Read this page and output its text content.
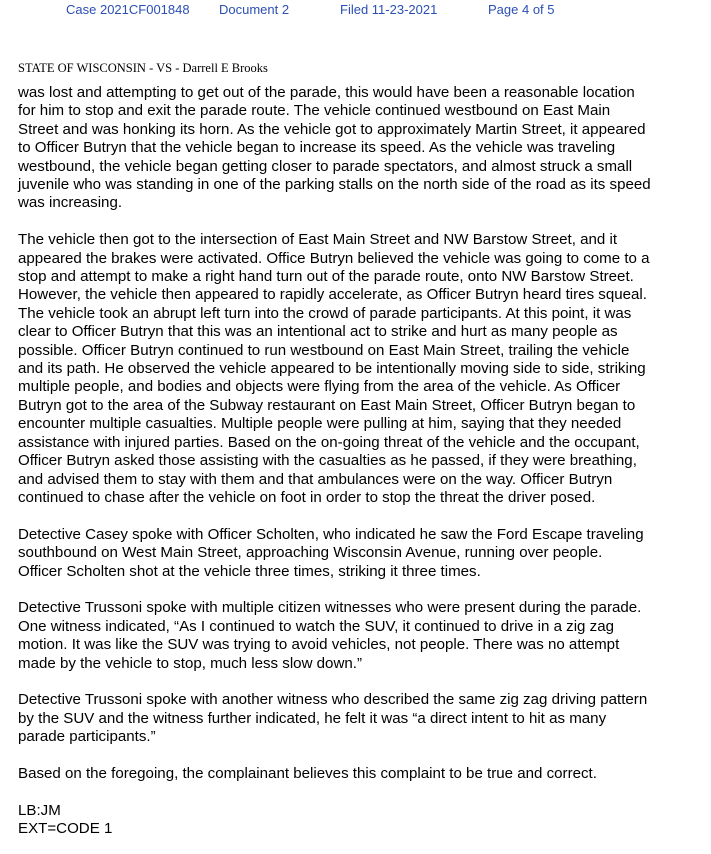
Case 2021CF001848 Document 2	Filed 11-23-2021	Page 4 of 5
STATE OF WISCONSIN - VS - Darrell E Brooks

was lost and attempting to get out of the parade, this would have been a reasonable location
for him to stop and exit the parade route. The vehicle continued westbound on East Main
Street and was honking its horn. As the vehicle got to approximately Martin Street, it appeared
to Officer Butryn that the vehicle began to increase its speed. As the vehicle was traveling
westbound, the vehicle began getting closer to parade spectators, and almost struck a small
juvenile who was standing in one of the parking stalls on the north side of the road as its speed
was increasing.

The vehicle then got to the intersection of East Main Street and NW Barstow Street, and it
appeared the brakes were activated. Office Butryn believed the vehicle was going to come to a
stop and attempt to make a right hand turn out of the parade route, onto NW Barstow Street.
However, the vehicle then appeared to rapidly accelerate, as Officer Butryn heard tires squeal.
The vehicle took an abrupt left turn into the crowd of parade participants. At this point, it was
clear to Officer Butryn that this was an intentional act to strike and hurt as many people as
possible. Officer Butryn continued to run westbound on East Main Street, trailing the vehicle
and its path. He observed the vehicle appeared to be intentionally moving side to side, striking
multiple people, and bodies and objects were flying from the area of the vehicle. As Officer
Butryn got to the area of the Subway restaurant on East Main Street, Officer Butryn began to
encounter multiple casualties. Multiple people were pulling at him, saying that they needed
assistance with injured parties. Based on the on-going threat of the vehicle and the occupant,
Officer Butryn asked those assisting with the casualties as he passed, if they were breathing,
and advised them to stay with them and that ambulances were on the way. Officer Butryn
continued to chase after the vehicle on foot in order to stop the threat the driver posed.

Detective Casey spoke with Officer Scholten, who indicated he saw the Ford Escape traveling
southbound on West Main Street, approaching Wisconsin Avenue, running over people.
Officer Scholten shot at the vehicle three times, striking it three times.

Detective Trussoni spoke with multiple citizen witnesses who were present during the parade.
One witness indicated, “As I continued to watch the SUV, it continued to drive in a zig zag
motion. It was like the SUV was trying to avoid vehicles, not people. There was no attempt
made by the vehicle to stop, much less slow down.”

Detective Trussoni spoke with another witness who described the same zig zag driving pattern
by the SUV and the witness further indicated, he felt it was “a direct intent to hit as many
parade participants.”

Based on the foregoing, the complainant believes this complaint to be true and correct.

LB:JM
EXT=CODE 1
